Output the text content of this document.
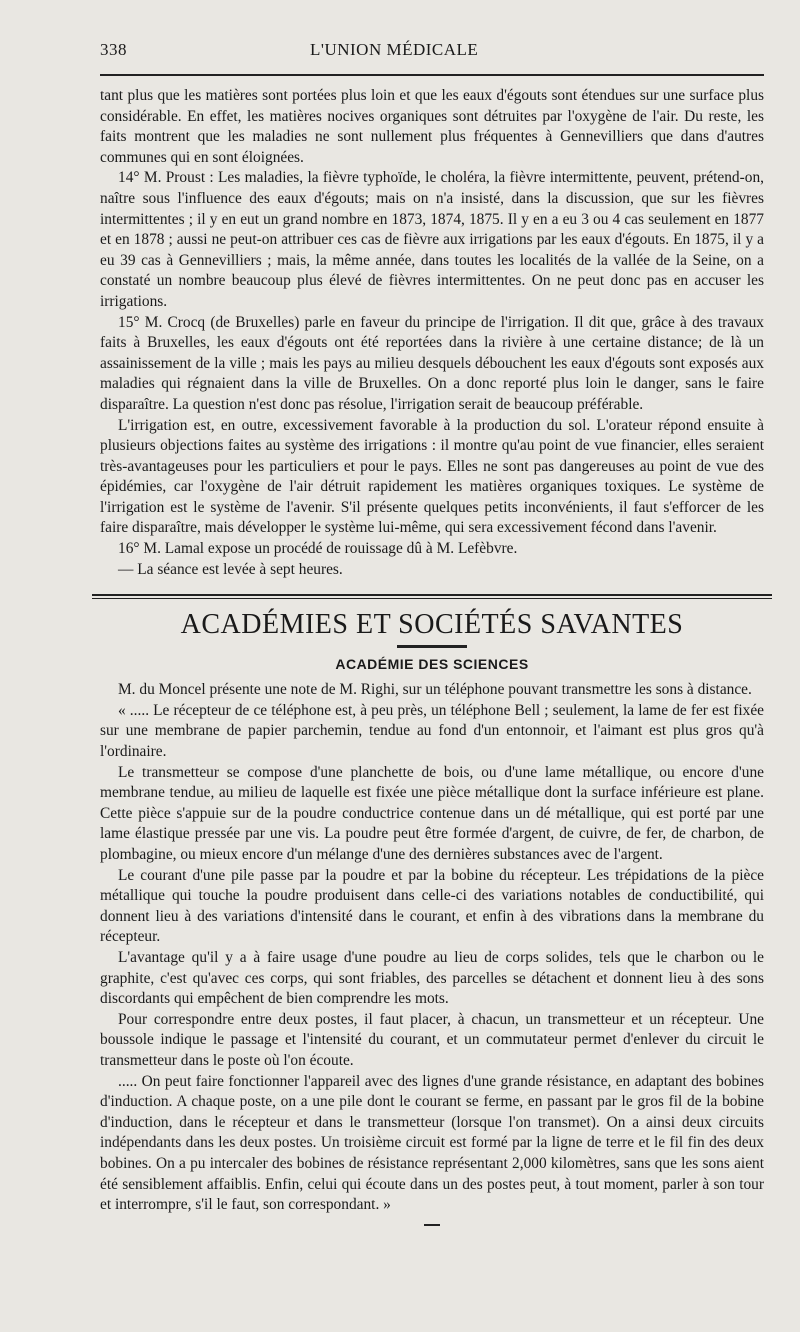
338	L'UNION MÉDICALE

tant plus que les matières sont portées plus loin et que les eaux d'égouts sont étendues sur une surface plus considérable. En effet, les matières nocives organiques sont détruites par l'oxygène de l'air. Du reste, les faits montrent que les maladies ne sont nullement plus fréquentes à Gennevilliers que dans d'autres communes qui en sont éloignées.

14° M. Proust : Les maladies, la fièvre typhoïde, le choléra, la fièvre intermittente, peuvent, prétend-on, naître sous l'influence des eaux d'égouts; mais on n'a insisté, dans la discussion, que sur les fièvres intermittentes ; il y en eut un grand nombre en 1873, 1874, 1875. Il y en a eu 3 ou 4 cas seulement en 1877 et en 1878 ; aussi ne peut-on attribuer ces cas de fièvre aux irrigations par les eaux d'égouts. En 1875, il y a eu 39 cas à Gennevilliers ; mais, la même année, dans toutes les localités de la vallée de la Seine, on a constaté un nombre beaucoup plus élevé de fièvres intermittentes. On ne peut donc pas en accuser les irrigations.

15° M. Crocq (de Bruxelles) parle en faveur du principe de l'irrigation. Il dit que, grâce à des travaux faits à Bruxelles, les eaux d'égouts ont été reportées dans la rivière à une certaine distance; de là un assainissement de la ville ; mais les pays au milieu desquels débouchent les eaux d'égouts sont exposés aux maladies qui régnaient dans la ville de Bruxelles. On a donc reporté plus loin le danger, sans le faire disparaître. La question n'est donc pas résolue, l'irrigation serait de beaucoup préférable.

L'irrigation est, en outre, excessivement favorable à la production du sol. L'orateur répond ensuite à plusieurs objections faites au système des irrigations : il montre qu'au point de vue financier, elles seraient très-avantageuses pour les particuliers et pour le pays. Elles ne sont pas dangereuses au point de vue des épidémies, car l'oxygène de l'air détruit rapidement les matières organiques toxiques. Le système de l'irrigation est le système de l'avenir. S'il présente quelques petits inconvénients, il faut s'efforcer de les faire disparaître, mais développer le système lui-même, qui sera excessivement fécond dans l'avenir.

16° M. Lamal expose un procédé de rouissage dû à M. Lefèbvre.

— La séance est levée à sept heures.

ACADÉMIES ET SOCIÉTÉS SAVANTES
ACADÉMIE DES SCIENCES

M. du Moncel présente une note de M. Righi, sur un téléphone pouvant transmettre les sons à distance.

« ..... Le récepteur de ce téléphone est, à peu près, un téléphone Bell ; seulement, la lame de fer est fixée sur une membrane de papier parchemin, tendue au fond d'un entonnoir, et l'aimant est plus gros qu'à l'ordinaire.

Le transmetteur se compose d'une planchette de bois, ou d'une lame métallique, ou encore d'une membrane tendue, au milieu de laquelle est fixée une pièce métallique dont la surface inférieure est plane. Cette pièce s'appuie sur de la poudre conductrice contenue dans un dé métallique, qui est porté par une lame élastique pressée par une vis. La poudre peut être formée d'argent, de cuivre, de fer, de charbon, de plombagine, ou mieux encore d'un mélange d'une des dernières substances avec de l'argent.

Le courant d'une pile passe par la poudre et par la bobine du récepteur. Les trépidations de la pièce métallique qui touche la poudre produisent dans celle-ci des variations notables de conductibilité, qui donnent lieu à des variations d'intensité dans le courant, et enfin à des vibrations dans la membrane du récepteur.

L'avantage qu'il y a à faire usage d'une poudre au lieu de corps solides, tels que le charbon ou le graphite, c'est qu'avec ces corps, qui sont friables, des parcelles se détachent et donnent lieu à des sons discordants qui empêchent de bien comprendre les mots.

Pour correspondre entre deux postes, il faut placer, à chacun, un transmetteur et un récepteur. Une boussole indique le passage et l'intensité du courant, et un commutateur permet d'enlever du circuit le transmetteur dans le poste où l'on écoute.

..... On peut faire fonctionner l'appareil avec des lignes d'une grande résistance, en adaptant des bobines d'induction. A chaque poste, on a une pile dont le courant se ferme, en passant par le gros fil de la bobine d'induction, dans le récepteur et dans le transmetteur (lorsque l'on transmet). On a ainsi deux circuits indépendants dans les deux postes. Un troisième circuit est formé par la ligne de terre et le fil fin des deux bobines. On a pu intercaler des bobines de résistance représentant 2,000 kilomètres, sans que les sons aient été sensiblement affaiblis. Enfin, celui qui écoute dans un des postes peut, à tout moment, parler à son tour et interrompre, s'il le faut, son correspondant. »
